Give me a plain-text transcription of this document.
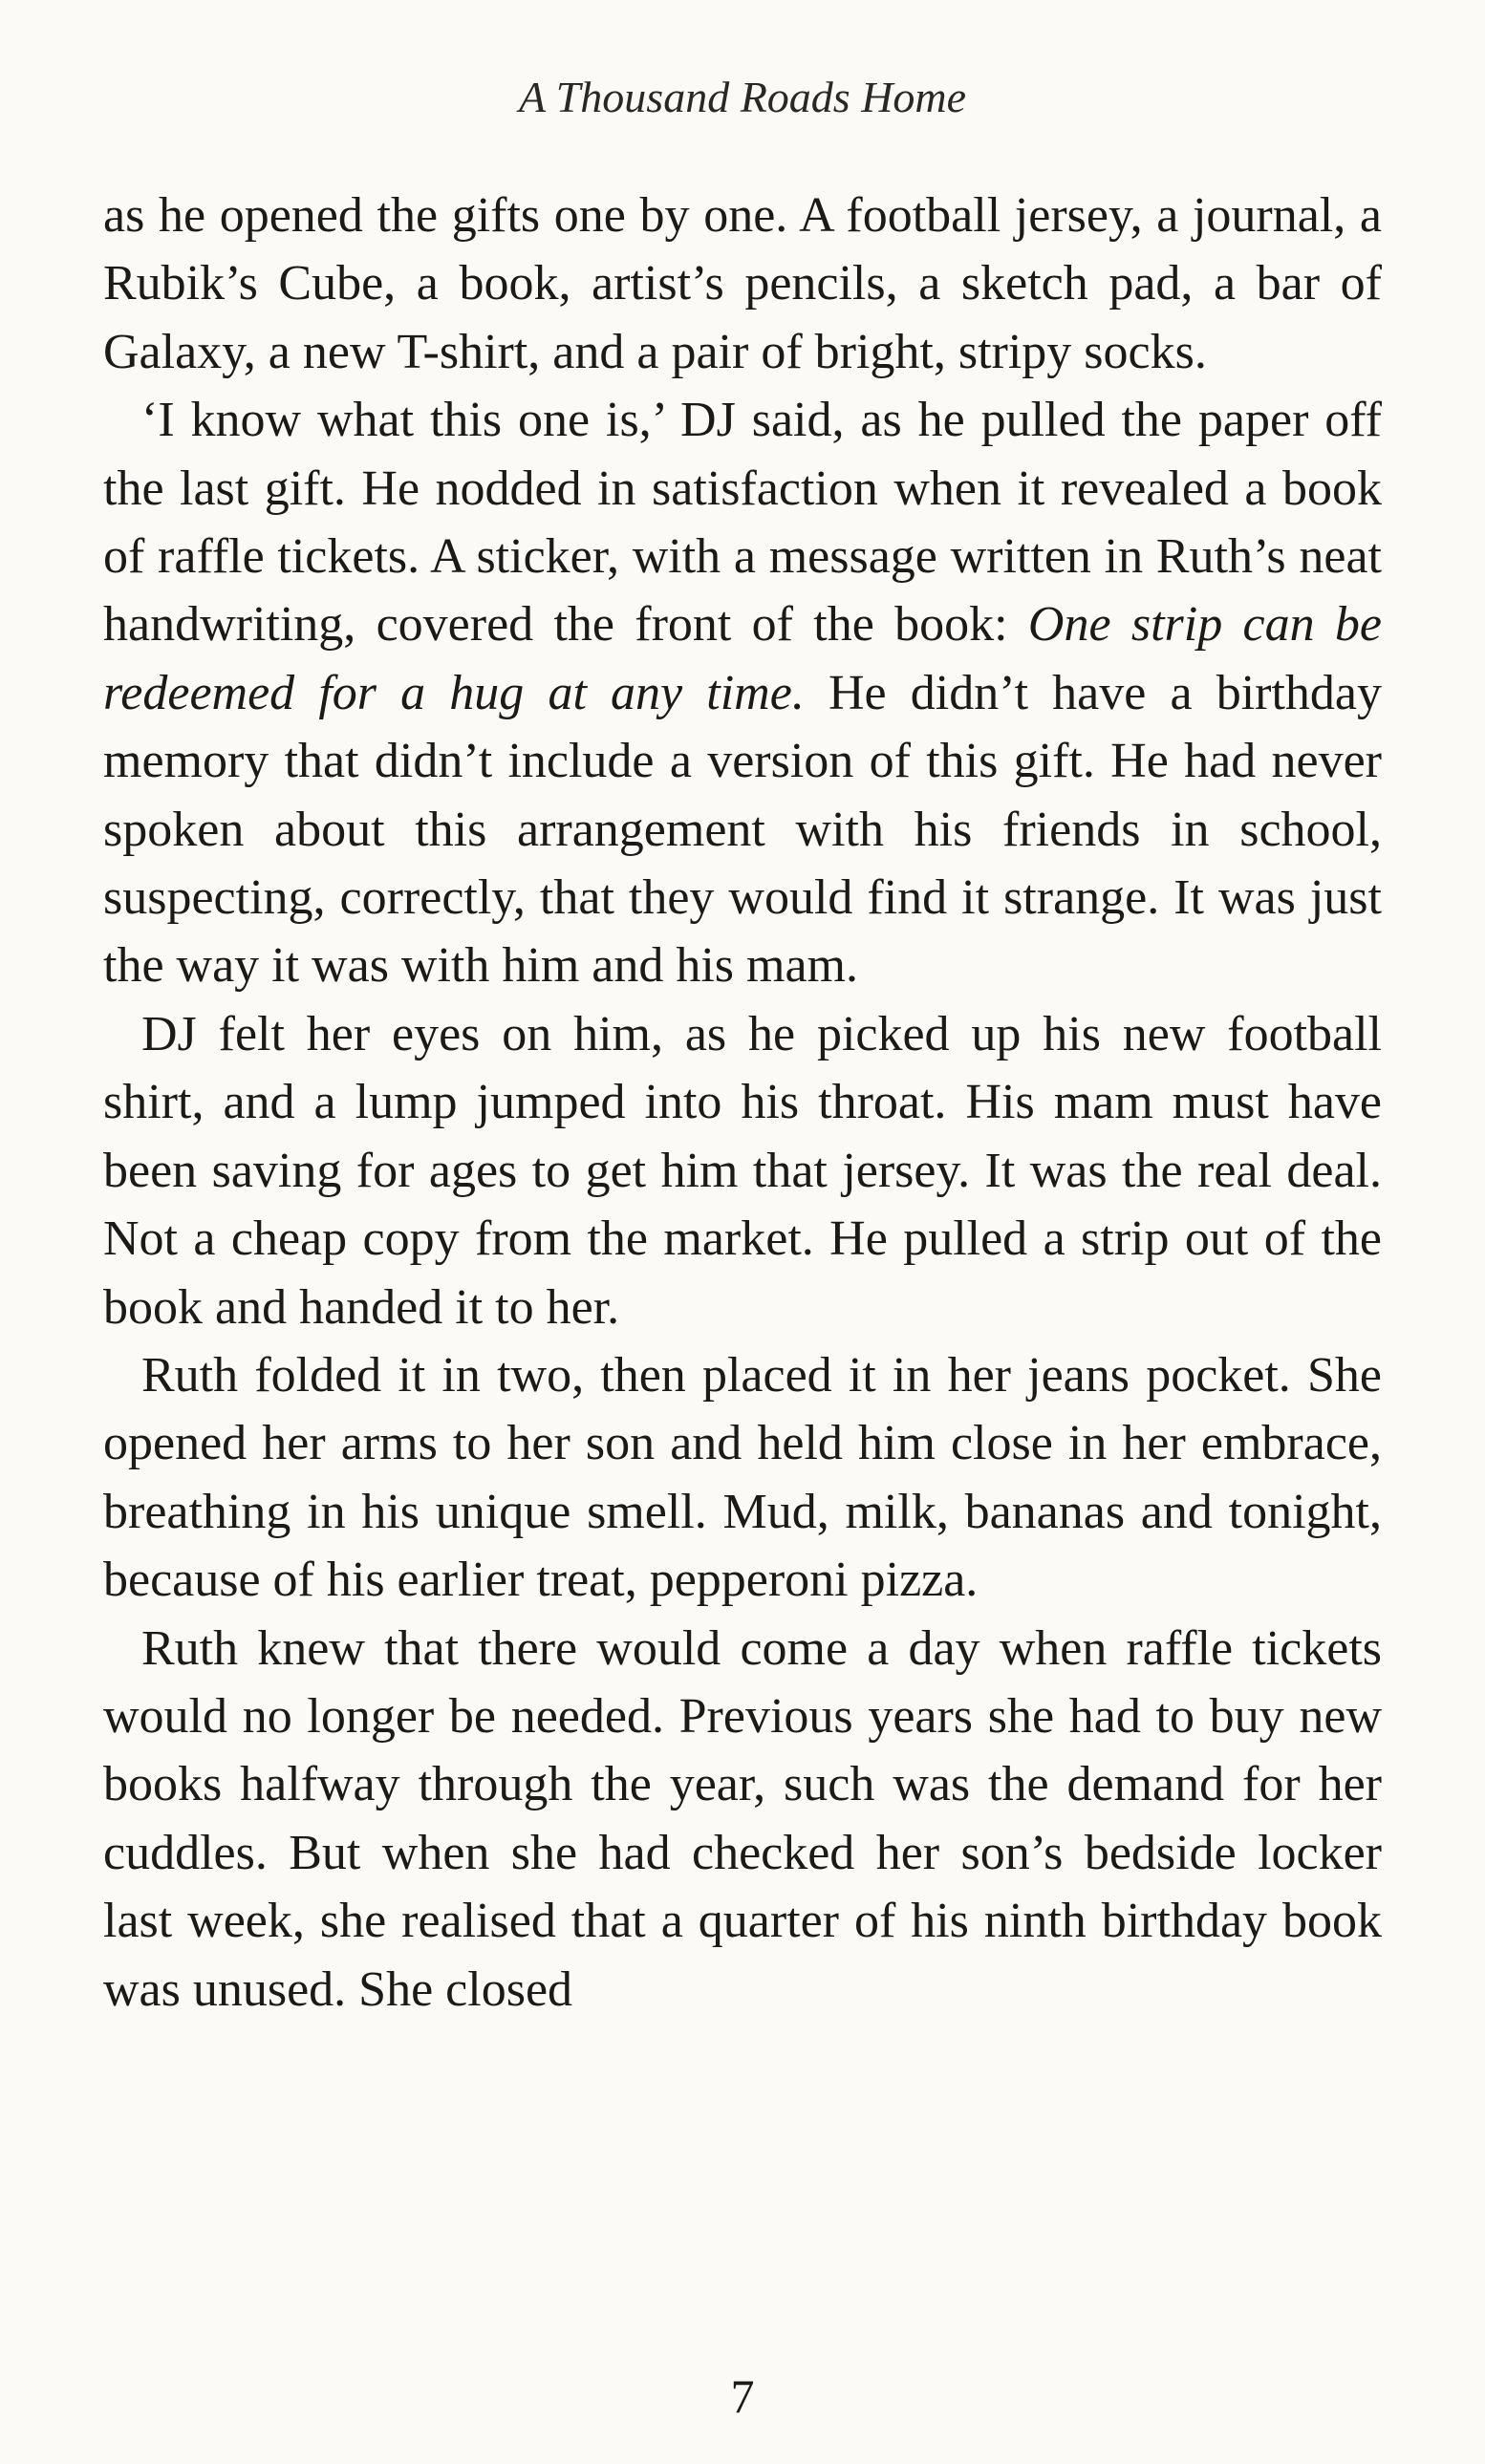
A Thousand Roads Home

as he opened the gifts one by one. A football jersey, a journal, a Rubik’s Cube, a book, artist’s pencils, a sketch pad, a bar of Galaxy, a new T-shirt, and a pair of bright, stripy socks.

‘I know what this one is,’ DJ said, as he pulled the paper off the last gift. He nodded in satisfaction when it revealed a book of raffle tickets. A sticker, with a message written in Ruth’s neat handwriting, covered the front of the book: One strip can be redeemed for a hug at any time. He didn’t have a birthday memory that didn’t include a version of this gift. He had never spoken about this arrangement with his friends in school, suspecting, correctly, that they would find it strange. It was just the way it was with him and his mam.

DJ felt her eyes on him, as he picked up his new football shirt, and a lump jumped into his throat. His mam must have been saving for ages to get him that jersey. It was the real deal. Not a cheap copy from the market. He pulled a strip out of the book and handed it to her.

Ruth folded it in two, then placed it in her jeans pocket. She opened her arms to her son and held him close in her embrace, breathing in his unique smell. Mud, milk, bananas and tonight, because of his earlier treat, pepperoni pizza.

Ruth knew that there would come a day when raffle tickets would no longer be needed. Previous years she had to buy new books halfway through the year, such was the demand for her cuddles. But when she had checked her son’s bedside locker last week, she realised that a quarter of his ninth birthday book was unused. She closed

7
